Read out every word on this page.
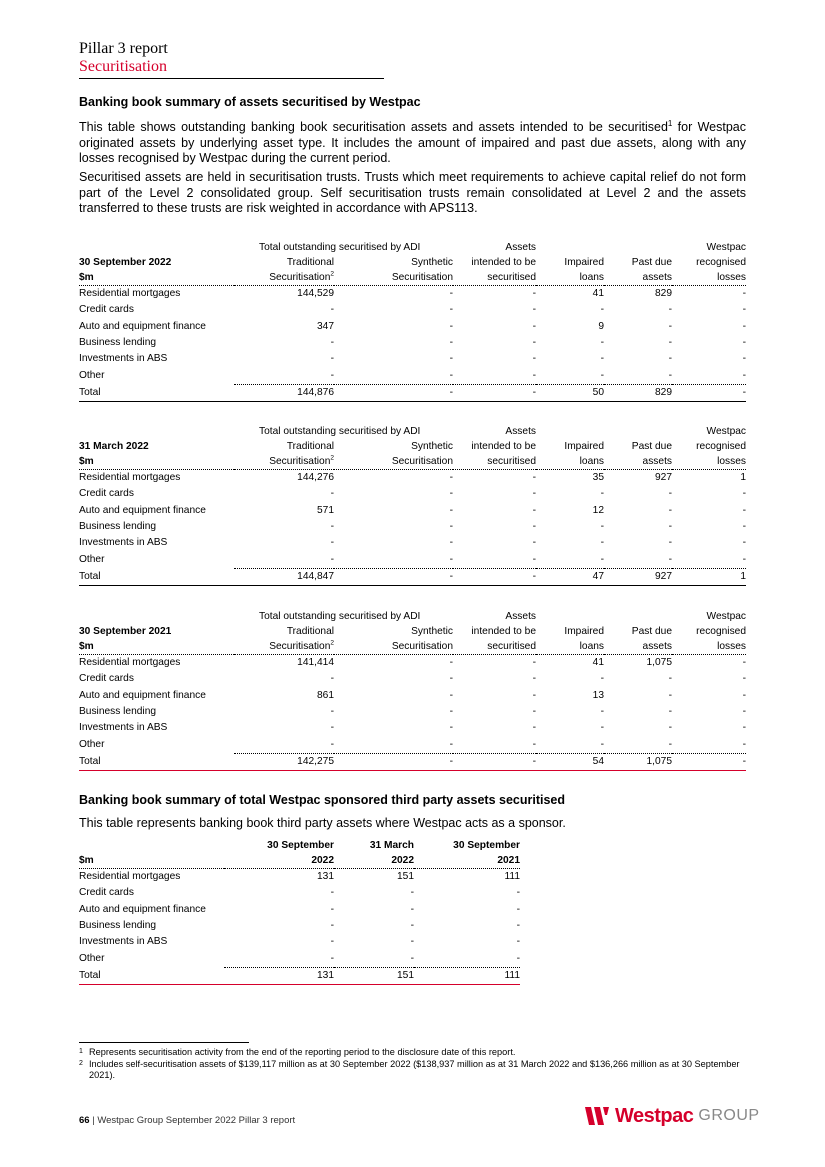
Pillar 3 report
Securitisation
Banking book summary of assets securitised by Westpac
This table shows outstanding banking book securitisation assets and assets intended to be securitised$^1$ for Westpac originated assets by underlying asset type. It includes the amount of impaired and past due assets, along with any losses recognised by Westpac during the current period.
Securitised assets are held in securitisation trusts. Trusts which meet requirements to achieve capital relief do not form part of the Level 2 consolidated group. Self securitisation trusts remain consolidated at Level 2 and the assets transferred to these trusts are risk weighted in accordance with APS113.
	Total outstanding securitised by ADI		Assets			Westpac
30 September 2022	Traditional	Synthetic	intended to be	Impaired	Past due	recognised
$m	Securitisation$^2$	Securitisation	securitised	loans	assets	losses
Residential mortgages	144,529	-	-	41	829	-
Credit cards	-	-	-	-	-	-
Auto and equipment finance	347	-	-	9	-	-
Business lending	-	-	-	-	-	-
Investments in ABS	-	-	-	-	-	-
Other	-	-	-	-	-	-
Total	144,876	-	-	50	829	-
	Total outstanding securitised by ADI		Assets			Westpac
31 March 2022	Traditional	Synthetic	intended to be	Impaired	Past due	recognised
$m	Securitisation$^2$	Securitisation	securitised	loans	assets	losses
Residential mortgages	144,276	-	-	35	927	1
Credit cards	-	-	-	-	-	-
Auto and equipment finance	571	-	-	12	-	-
Business lending	-	-	-	-	-	-
Investments in ABS	-	-	-	-	-	-
Other	-	-	-	-	-	-
Total	144,847	-	-	47	927	1
	Total outstanding securitised by ADI		Assets			Westpac
30 September 2021	Traditional	Synthetic	intended to be	Impaired	Past due	recognised
$m	Securitisation$^2$	Securitisation	securitised	loans	assets	losses
Residential mortgages	141,414	-	-	41	1,075	-
Credit cards	-	-	-	-	-	-
Auto and equipment finance	861	-	-	13	-	-
Business lending	-	-	-	-	-	-
Investments in ABS	-	-	-	-	-	-
Other	-	-	-	-	-	-
Total	142,275	-	-	54	1,075	-
Banking book summary of total Westpac sponsored third party assets securitised
This table represents banking book third party assets where Westpac acts as a sponsor.
	30 September	31 March	30 September
$m	2022	2022	2021
Residential mortgages	131	151	111
Credit cards	-	-	-
Auto and equipment finance	-	-	-
Business lending	-	-	-
Investments in ABS	-	-	-
Other	-	-	-
Total	131	151	111
1 Represents securitisation activity from the end of the reporting period to the disclosure date of this report.
2 Includes self-securitisation assets of $139,117 million as at 30 September 2022 ($138,937 million as at 31 March 2022 and $136,266 million as at 30 September 2021).
66 | Westpac Group September 2022 Pillar 3 report	Westpac GROUP
